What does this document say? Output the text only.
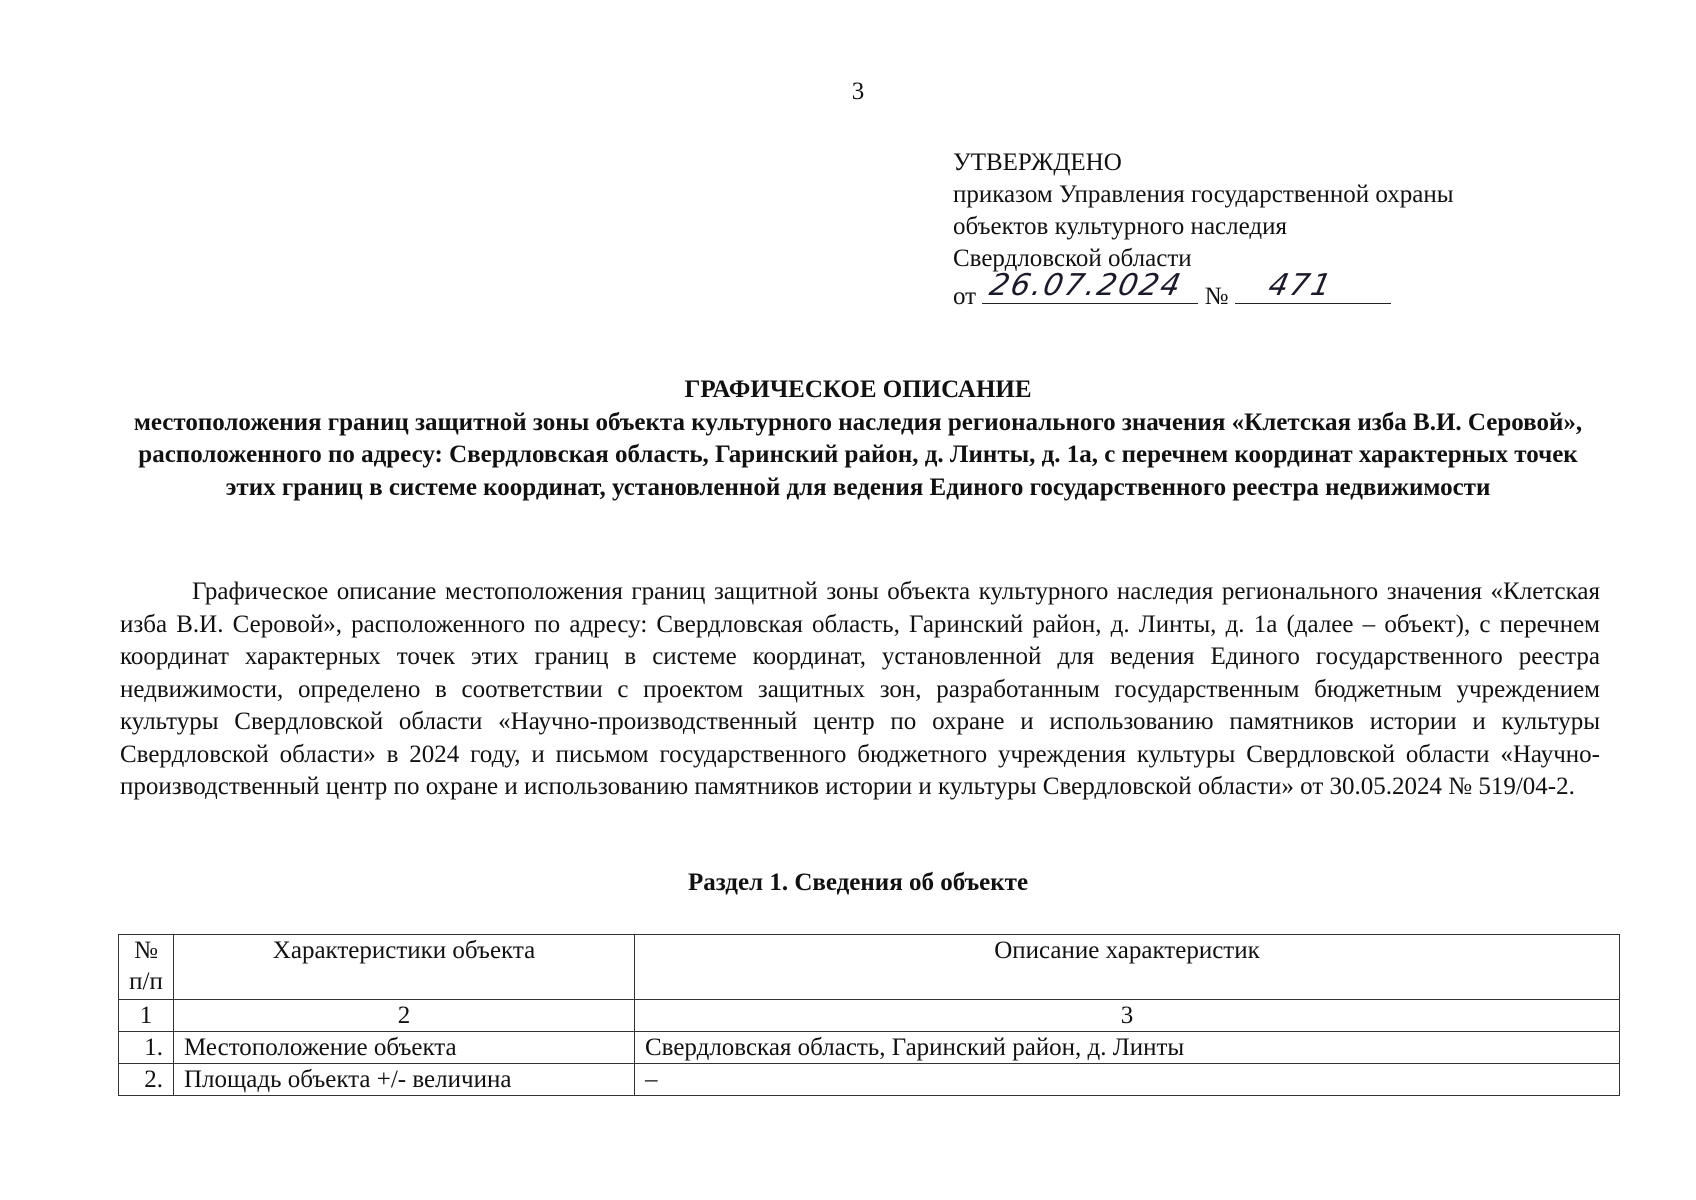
3
УТВЕРЖДЕНО
приказом Управления государственной охраны
объектов культурного наследия
Свердловской области
от 26.07.2024 № 471
ГРАФИЧЕСКОЕ ОПИСАНИЕ
местоположения границ защитной зоны объекта культурного наследия регионального значения «Клетская изба В.И. Серовой», расположенного по адресу: Свердловская область, Гаринский район, д. Линты, д. 1а, с перечнем координат характерных точек этих границ в системе координат, установленной для ведения Единого государственного реестра недвижимости
Графическое описание местоположения границ защитной зоны объекта культурного наследия регионального значения «Клетская изба В.И. Серовой», расположенного по адресу: Свердловская область, Гаринский район, д. Линты, д. 1а (далее – объект), с перечнем координат характерных точек этих границ в системе координат, установленной для ведения Единого государственного реестра недвижимости, определено в соответствии с проектом защитных зон, разработанным государственным бюджетным учреждением культуры Свердловской области «Научно-производственный центр по охране и использованию памятников истории и культуры Свердловской области» в 2024 году, и письмом государственного бюджетного учреждения культуры Свердловской области «Научно-производственный центр по охране и использованию памятников истории и культуры Свердловской области» от 30.05.2024 № 519/04-2.
Раздел 1. Сведения об объекте
№ п/п	Характеристики объекта	Описание характеристик
1	2	3
1.	Местоположение объекта	Свердловская область, Гаринский район, д. Линты
2.	Площадь объекта +/- величина	–
